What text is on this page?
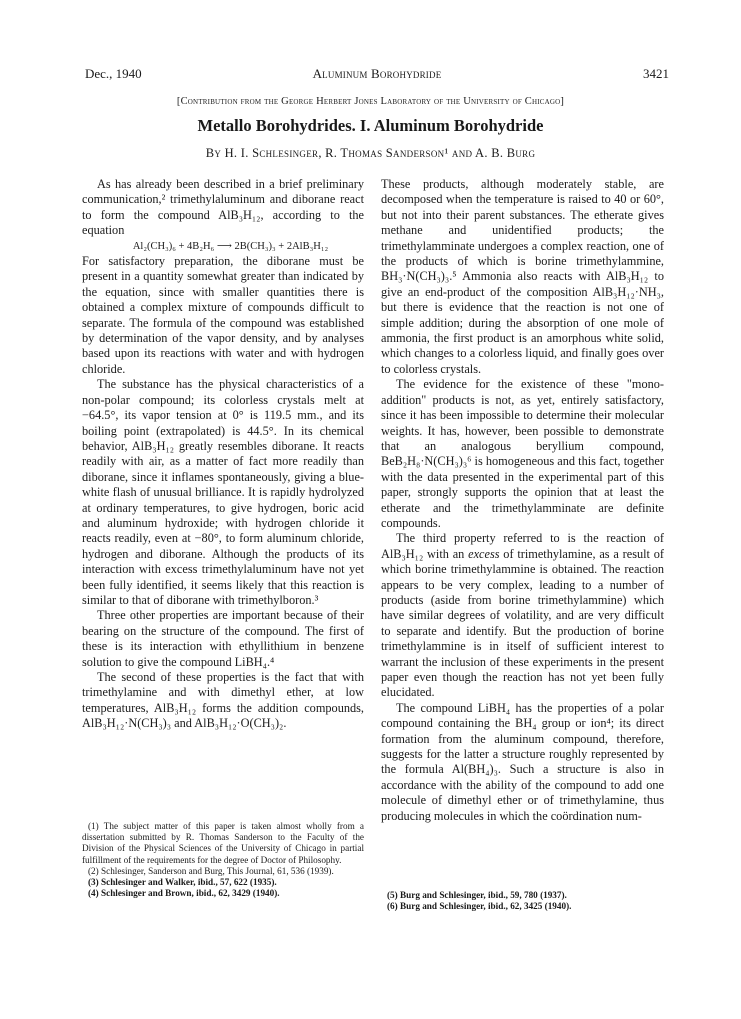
Dec., 1940	Aluminum Borohydride	3421
[Contribution from the George Herbert Jones Laboratory of the University of Chicago]
Metallo Borohydrides. I. Aluminum Borohydride
By H. I. Schlesinger, R. Thomas Sanderson¹ and A. B. Burg

As has already been described in a brief preliminary communication,² trimethylaluminum and diborane react to form the compound AlB₃H₁₂, according to the equation

Al₂(CH₃)₆ + 4B₂H₆ ⟶ 2B(CH₃)₃ + 2AlB₃H₁₂

For satisfactory preparation, the diborane must be present in a quantity somewhat greater than indicated by the equation, since with smaller quantities there is obtained a complex mixture of compounds difficult to separate. The formula of the compound was established by determination of the vapor density, and by analyses based upon its reactions with water and with hydrogen chloride.

The substance has the physical characteristics of a non-polar compound; its colorless crystals melt at −64.5°, its vapor tension at 0° is 119.5 mm., and its boiling point (extrapolated) is 44.5°. In its chemical behavior, AlB₃H₁₂ greatly resembles diborane. It reacts readily with air, as a matter of fact more readily than diborane, since it inflames spontaneously, giving a blue-white flash of unusual brilliance. It is rapidly hydrolyzed at ordinary temperatures, to give hydrogen, boric acid and aluminum hydroxide; with hydrogen chloride it reacts readily, even at −80°, to form aluminum chloride, hydrogen and diborane. Although the products of its interaction with excess trimethylaluminum have not yet been fully identified, it seems likely that this reaction is similar to that of diborane with trimethylboron.³

Three other properties are important because of their bearing on the structure of the compound. The first of these is its interaction with ethyllithium in benzene solution to give the compound LiBH₄.⁴

The second of these properties is the fact that with trimethylamine and with dimethyl ether, at low temperatures, AlB₃H₁₂ forms the addition compounds, AlB₃H₁₂·N(CH₃)₃ and AlB₃H₁₂·O(CH₃)₂.

These products, although moderately stable, are decomposed when the temperature is raised to 40 or 60°, but not into their parent substances. The etherate gives methane and unidentified products; the trimethylamminate undergoes a complex reaction, one of the products of which is borine trimethylammine, BH₃·N(CH₃)₃.⁵ Ammonia also reacts with AlB₃H₁₂ to give an end-product of the composition AlB₃H₁₂·NH₃, but there is evidence that the reaction is not one of simple addition; during the absorption of one mole of ammonia, the first product is an amorphous white solid, which changes to a colorless liquid, and finally goes over to colorless crystals.

The evidence for the existence of these "mono-addition" products is not, as yet, entirely satisfactory, since it has been impossible to determine their molecular weights. It has, however, been possible to demonstrate that an analogous beryllium compound, BeB₂H₈·N(CH₃)₃⁶ is homogeneous and this fact, together with the data presented in the experimental part of this paper, strongly supports the opinion that at least the etherate and the trimethylamminate are definite compounds.

The third property referred to is the reaction of AlB₃H₁₂ with an excess of trimethylamine, as a result of which borine trimethylammine is obtained. The reaction appears to be very complex, leading to a number of products (aside from borine trimethylammine) which have similar degrees of volatility, and are very difficult to separate and identify. But the production of borine trimethylammine is in itself of sufficient interest to warrant the inclusion of these experiments in the present paper even though the reaction has not yet been fully elucidated.

The compound LiBH₄ has the properties of a polar compound containing the BH₄ group or ion⁴; its direct formation from the aluminum compound, therefore, suggests for the latter a structure roughly represented by the formula Al(BH₄)₃. Such a structure is also in accordance with the ability of the compound to add one molecule of dimethyl ether or of trimethylamine, thus producing molecules in which the coördination num-

(1) The subject matter of this paper is taken almost wholly from a dissertation submitted by R. Thomas Sanderson to the Faculty of the Division of the Physical Sciences of the University of Chicago in partial fulfillment of the requirements for the degree of Doctor of Philosophy.
(2) Schlesinger, Sanderson and Burg, This Journal, 61, 536 (1939).
(3) Schlesinger and Walker, ibid., 57, 622 (1935).
(4) Schlesinger and Brown, ibid., 62, 3429 (1940).	(5) Burg and Schlesinger, ibid., 59, 780 (1937).
(6) Burg and Schlesinger, ibid., 62, 3425 (1940).
